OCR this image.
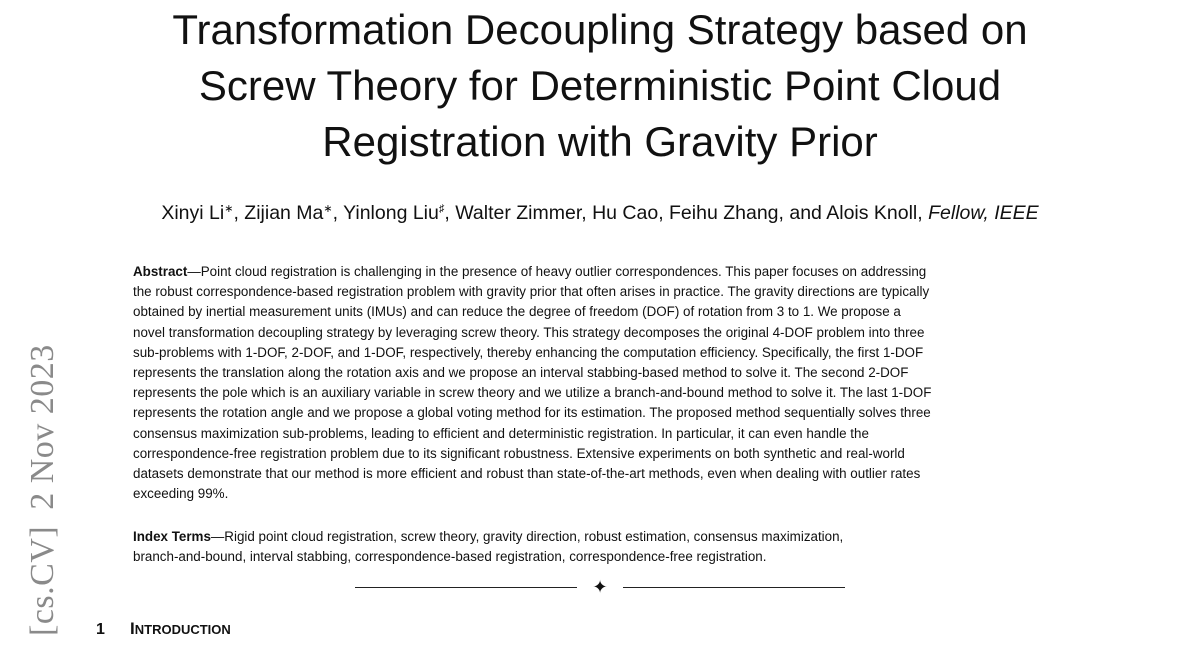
[cs.CV]2 Nov 2023
Transformation Decoupling Strategy based on
Screw Theory for Deterministic Point Cloud
Registration with Gravity Prior
Xinyi Li∗, Zijian Ma∗, Yinlong Liu♯, Walter Zimmer, Hu Cao, Feihu Zhang, and Alois Knoll, Fellow, IEEE

Abstract—Point cloud registration is challenging in the presence of heavy outlier correspondences. This paper focuses on addressing
the robust correspondence-based registration problem with gravity prior that often arises in practice. The gravity directions are typically
obtained by inertial measurement units (IMUs) and can reduce the degree of freedom (DOF) of rotation from 3 to 1. We propose a
novel transformation decoupling strategy by leveraging screw theory. This strategy decomposes the original 4-DOF problem into three
sub-problems with 1-DOF, 2-DOF, and 1-DOF, respectively, thereby enhancing the computation efficiency. Specifically, the first 1-DOF
represents the translation along the rotation axis and we propose an interval stabbing-based method to solve it. The second 2-DOF
represents the pole which is an auxiliary variable in screw theory and we utilize a branch-and-bound method to solve it. The last 1-DOF
represents the rotation angle and we propose a global voting method for its estimation. The proposed method sequentially solves three
consensus maximization sub-problems, leading to efficient and deterministic registration. In particular, it can even handle the
correspondence-free registration problem due to its significant robustness. Extensive experiments on both synthetic and real-world
datasets demonstrate that our method is more efficient and robust than state-of-the-art methods, even when dealing with outlier rates
exceeding 99%.

Index Terms—Rigid point cloud registration, screw theory, gravity direction, robust estimation, consensus maximization,
branch-and-bound, interval stabbing, correspondence-based registration, correspondence-free registration.
✦
1 INTRODUCTION
